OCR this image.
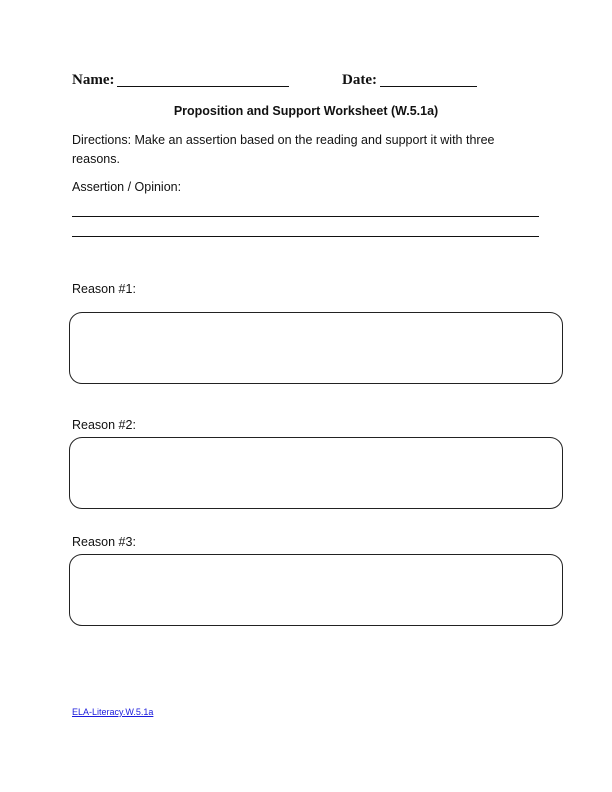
Name:	Date:
Proposition and Support Worksheet (W.5.1a)
Directions: Make an assertion based on the reading and support it with three reasons.
Assertion / Opinion:
Reason #1:
Reason #2:
Reason #3:
ELA-Literacy.W.5.1a
